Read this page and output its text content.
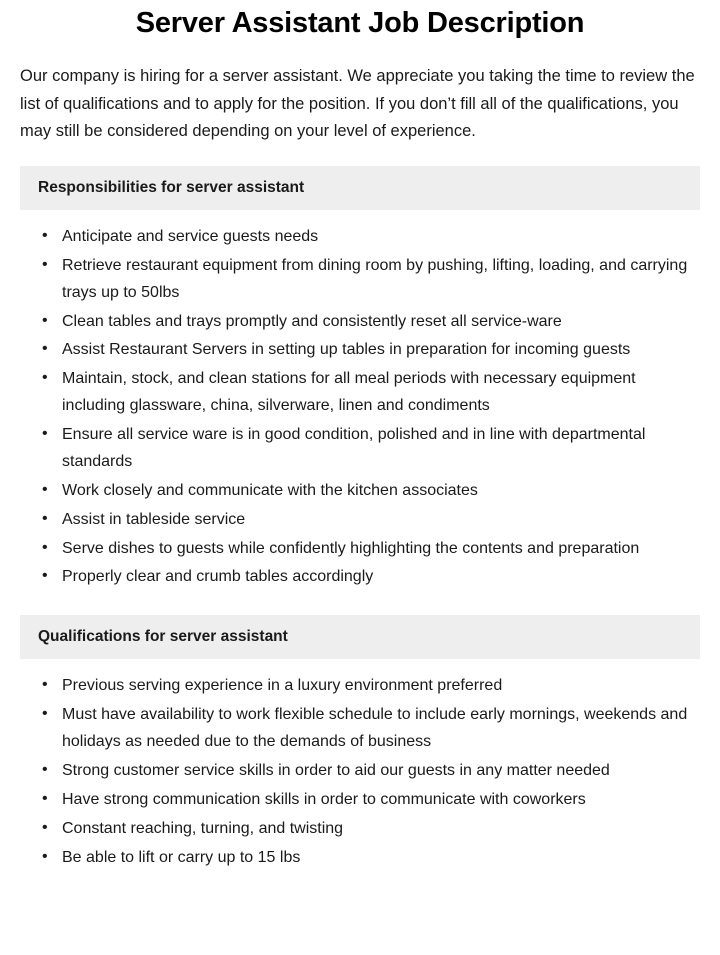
Server Assistant Job Description

Our company is hiring for a server assistant. We appreciate you taking the time to review the list of qualifications and to apply for the position. If you don’t fill all of the qualifications, you may still be considered depending on your level of experience.

Responsibilities for server assistant
• Anticipate and service guests needs
• Retrieve restaurant equipment from dining room by pushing, lifting, loading, and carrying trays up to 50lbs
• Clean tables and trays promptly and consistently reset all service-ware
• Assist Restaurant Servers in setting up tables in preparation for incoming guests
• Maintain, stock, and clean stations for all meal periods with necessary equipment including glassware, china, silverware, linen and condiments
• Ensure all service ware is in good condition, polished and in line with departmental standards
• Work closely and communicate with the kitchen associates
• Assist in tableside service
• Serve dishes to guests while confidently highlighting the contents and preparation
• Properly clear and crumb tables accordingly
Qualifications for server assistant
• Previous serving experience in a luxury environment preferred
• Must have availability to work flexible schedule to include early mornings, weekends and holidays as needed due to the demands of business
• Strong customer service skills in order to aid our guests in any matter needed
• Have strong communication skills in order to communicate with coworkers
• Constant reaching, turning, and twisting
• Be able to lift or carry up to 15 lbs
